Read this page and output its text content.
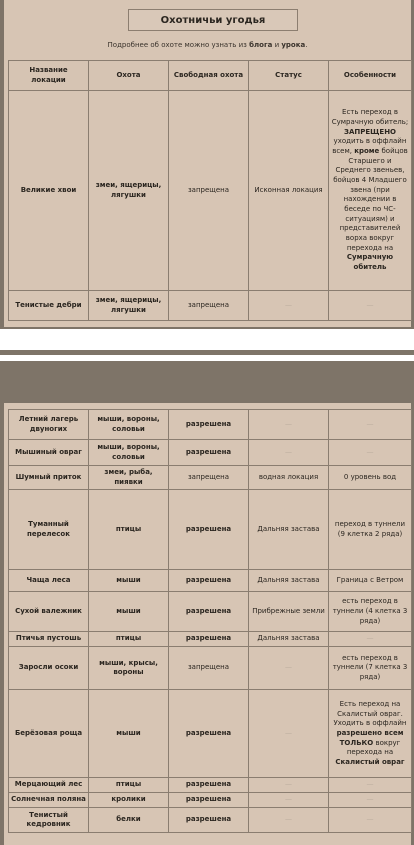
Охотничьи угодья
Подробнее об охоте можно узнать из блога и урока.
Название локации	Охота	Свободная охота	Статус	Особенности
Великие хвои	змеи, ящерицы, лягушки	запрещена	Исконная локация	Есть переход в Сумрачную обитель; ЗАПРЕЩЕНО уходить в оффлайн всем, кроме бойцов Старшего и Среднего звеньев, бойцов 4 Младшего звена (при нахождении в беседе по ЧС-ситуациям) и представителей ворха вокруг перехода на Сумрачную обитель
Тенистые дебри	змеи, ящерицы, лягушки	запрещена	—	—
Летний лагерь двуногих	мыши, вороны, соловьи	разрешена	—	—
Мышиный овраг	мыши, вороны, соловьи	разрешена	—	—
Шумный приток	змеи, рыба, пиявки	запрещена	водная локация	0 уровень вод
Туманный перелесок	птицы	разрешена	Дальняя застава	переход в туннели (9 клетка 2 ряда)
Чаща леса	мыши	разрешена	Дальняя застава	Граница с Ветром
Сухой валежник	мыши	разрешена	Прибрежные земли	есть переход в туннели (4 клетка 3 ряда)
Птичья пустошь	птицы	разрешена	Дальняя застава	—
Заросли осоки	мыши, крысы, вороны	запрещена	—	есть переход в туннели (7 клетка 3 ряда)
Берёзовая роща	мыши	разрешена	—	Есть переход на Скалистый овраг. Уходить в оффлайн разрешено всем ТОЛЬКО вокруг перехода на Скалистый овраг
Мерцающий лес	птицы	разрешена	—	—
Солнечная поляна	кролики	разрешена	—	—
Тенистый кедровник	белки	разрешена	—	—
